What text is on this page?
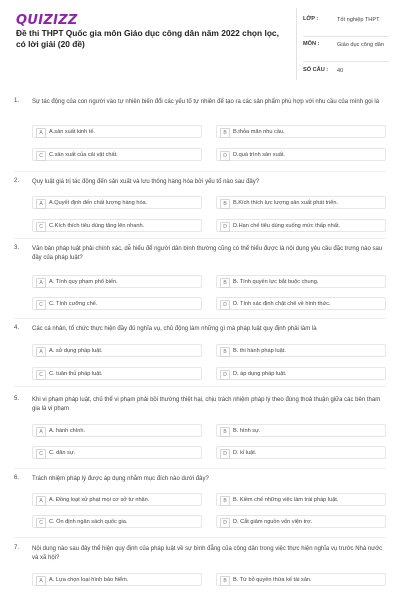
QUIZIZZ
Đề thi THPT Quốc gia môn Giáo dục công dân năm 2022 chọn lọc, có lời giải (20 đề)
LỚP :	Tốt nghiệp THPT
MÔN :	Giáo dục công dân
SỐ CÂU : 40
1. Sự tác động của con người vào tự nhiên biến đổi các yếu tố tự nhiên để tạo ra các sản phẩm phù hợp với nhu cầu của mình gọi là
A	A.sản xuất kinh tế.	B	B.thỏa mãn nhu cầu.
C	C.sản xuất của cải vật chất.	D	D.quá trình sản xuất.
2. Quy luật giá trị tác động đến sản xuất và lưu thông hàng hóa bởi yếu tố nào sau đây?
A	A.Quyết định đến chất lượng hàng hóa.	B	B.Kích thích lực lượng sản xuất phát triển.
C	C.Kích thích tiêu dùng tăng lên nhanh.	D	D.Hạn chế tiêu dùng xuống mức thấp nhất.
3. Văn bản pháp luật phải chính xác, dễ hiểu để người dân bình thường cũng có thể hiểu được là nội dung yêu cầu đặc trưng nào sau đây của pháp luật?
A	A. Tính quy phạm phổ biến.	B	B. Tính quyền lực bắt buộc chung.
C	C. Tính cưỡng chế.	D	D. Tính xác định chặt chẽ về hình thức.
4. Các cá nhân, tổ chức thực hiện đầy đủ nghĩa vụ, chủ động làm những gì mà pháp luật quy định phải làm là
A	A. sử dụng pháp luật.	B	B. thi hành pháp luật.
C	C. tuân thủ pháp luật.	D	D. áp dụng pháp luật.
5. Khi vi phạm pháp luật, chủ thể vi phạm phải bồi thường thiệt hại, chịu trách nhiệm pháp lý theo đúng thoả thuận giữa các bên tham gia là vi phạm
A	A. hành chính.	B	B. hình sự.
C	C. dân sự.	D	D. kỉ luật.
6. Trách nhiệm pháp lý được áp dụng nhằm mục đích nào dưới đây?
A	A. Đồng loạt xử phạt mọi cơ sở tư nhân.	B	B. Kiềm chế những việc làm trái pháp luật.
C	C. Ổn định ngân sách quốc gia.	D	D. Cắt giảm nguồn vốn viện trợ.
7. Nội dung nào sau đây thể hiện quy định của pháp luật về sự bình đẳng của công dân trong việc thực hiện nghĩa vụ trước Nhà nước và xã hội?
A	A. Lựa chọn loại hình bảo hiểm.	B	B. Từ bỏ quyền thừa kế tài sản.
